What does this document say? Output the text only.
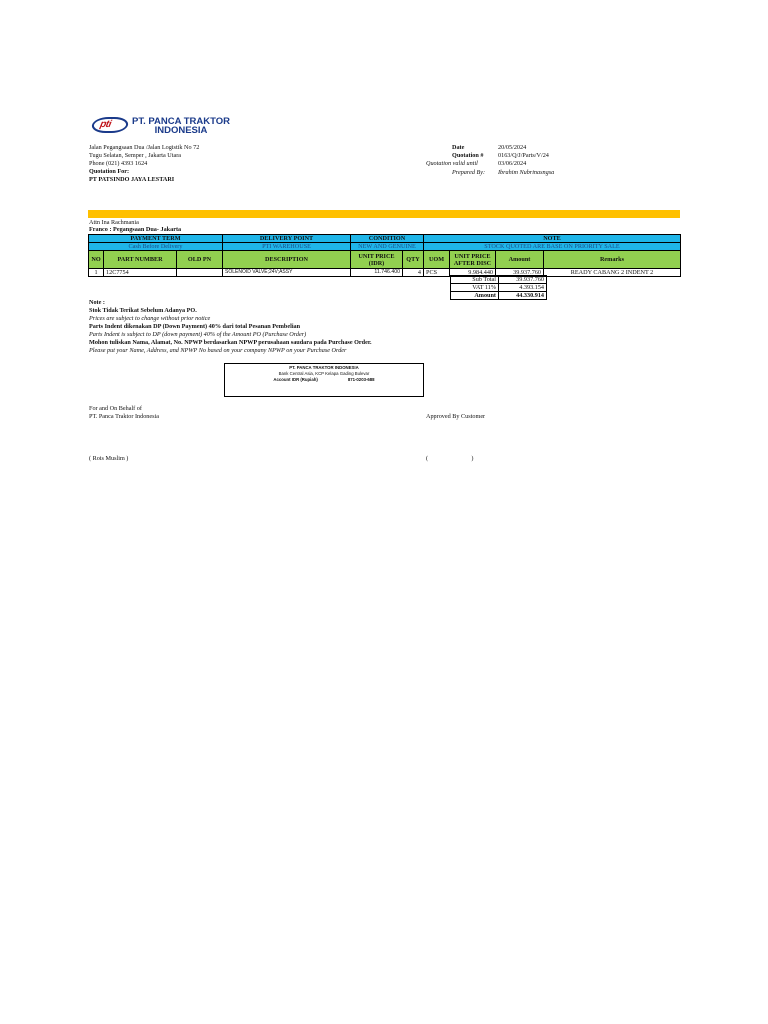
pti PT. PANCA TRAKTOR
INDONESIA
Jalan Pegangsaan Dua /Jalan Logistik No 72
Tugu Selatan, Semper , Jakarta Utara
Phone (021) 4393 1624
Quotation For:
PT PATSINDO JAYA LESTARI
Date	20/05/2024
Quotation # 0163/Q/J/Parts/V/24
Quotation valid until	03/06/2024
Prepared By: Ibrahim Nubrinasngsa
Attn Ina Rachmania
Franco : Pegangsaan Dua- Jakarta
PAYMENT TERM	DELIVERY POINT	CONDITION	NOTE
Cash Before Delivery	PTI WAREHOUSE	NEW AND GENUINE	STOCK QUOTED ARE BASE ON PRIORITY SALE
NO	PART NUMBER	OLD PN	DESCRIPTION	UNIT PRICE (IDR)	QTY	UOM	UNIT PRICE AFTER DISC	Amount	Remarks
1	12C7754		SOLENOID VALVE;24V;ASSY	11.746.400	4	PCS	9.984.440	39.937.760	READY CABANG 2 INDENT 2
Sub Total	39.937.760
VAT 11%	4.393.154
Amount	44.330.914
Note :
Stok Tidak Terikat Sebelum Adanya PO.
Prices are subject to change without prior notice
Parts Indent dikenakan DP (Down Payment) 40% dari total Pesanan Pembelian
Parts Indent is subject to DP (down payment) 40% of the Amount PO (Purchase Order)
Mohon tuliskan Nama, Alamat, No. NPWP berdasarkan NPWP perusahaan saudara pada Purchase Order.
Please put your Name, Address, and NPWP No based on your company NPWP on your Purchase Order
PT. PANCA TRAKTOR INDONESIA
Bank Central Asia, KCP Kelapa Gading Bulevar
Account IDR (Rupiah)	871-0203-688
For and On Behalf of
PT. Panca Traktor Indonesia	Approved By Customer
( Rois Muslim )	(                            )
